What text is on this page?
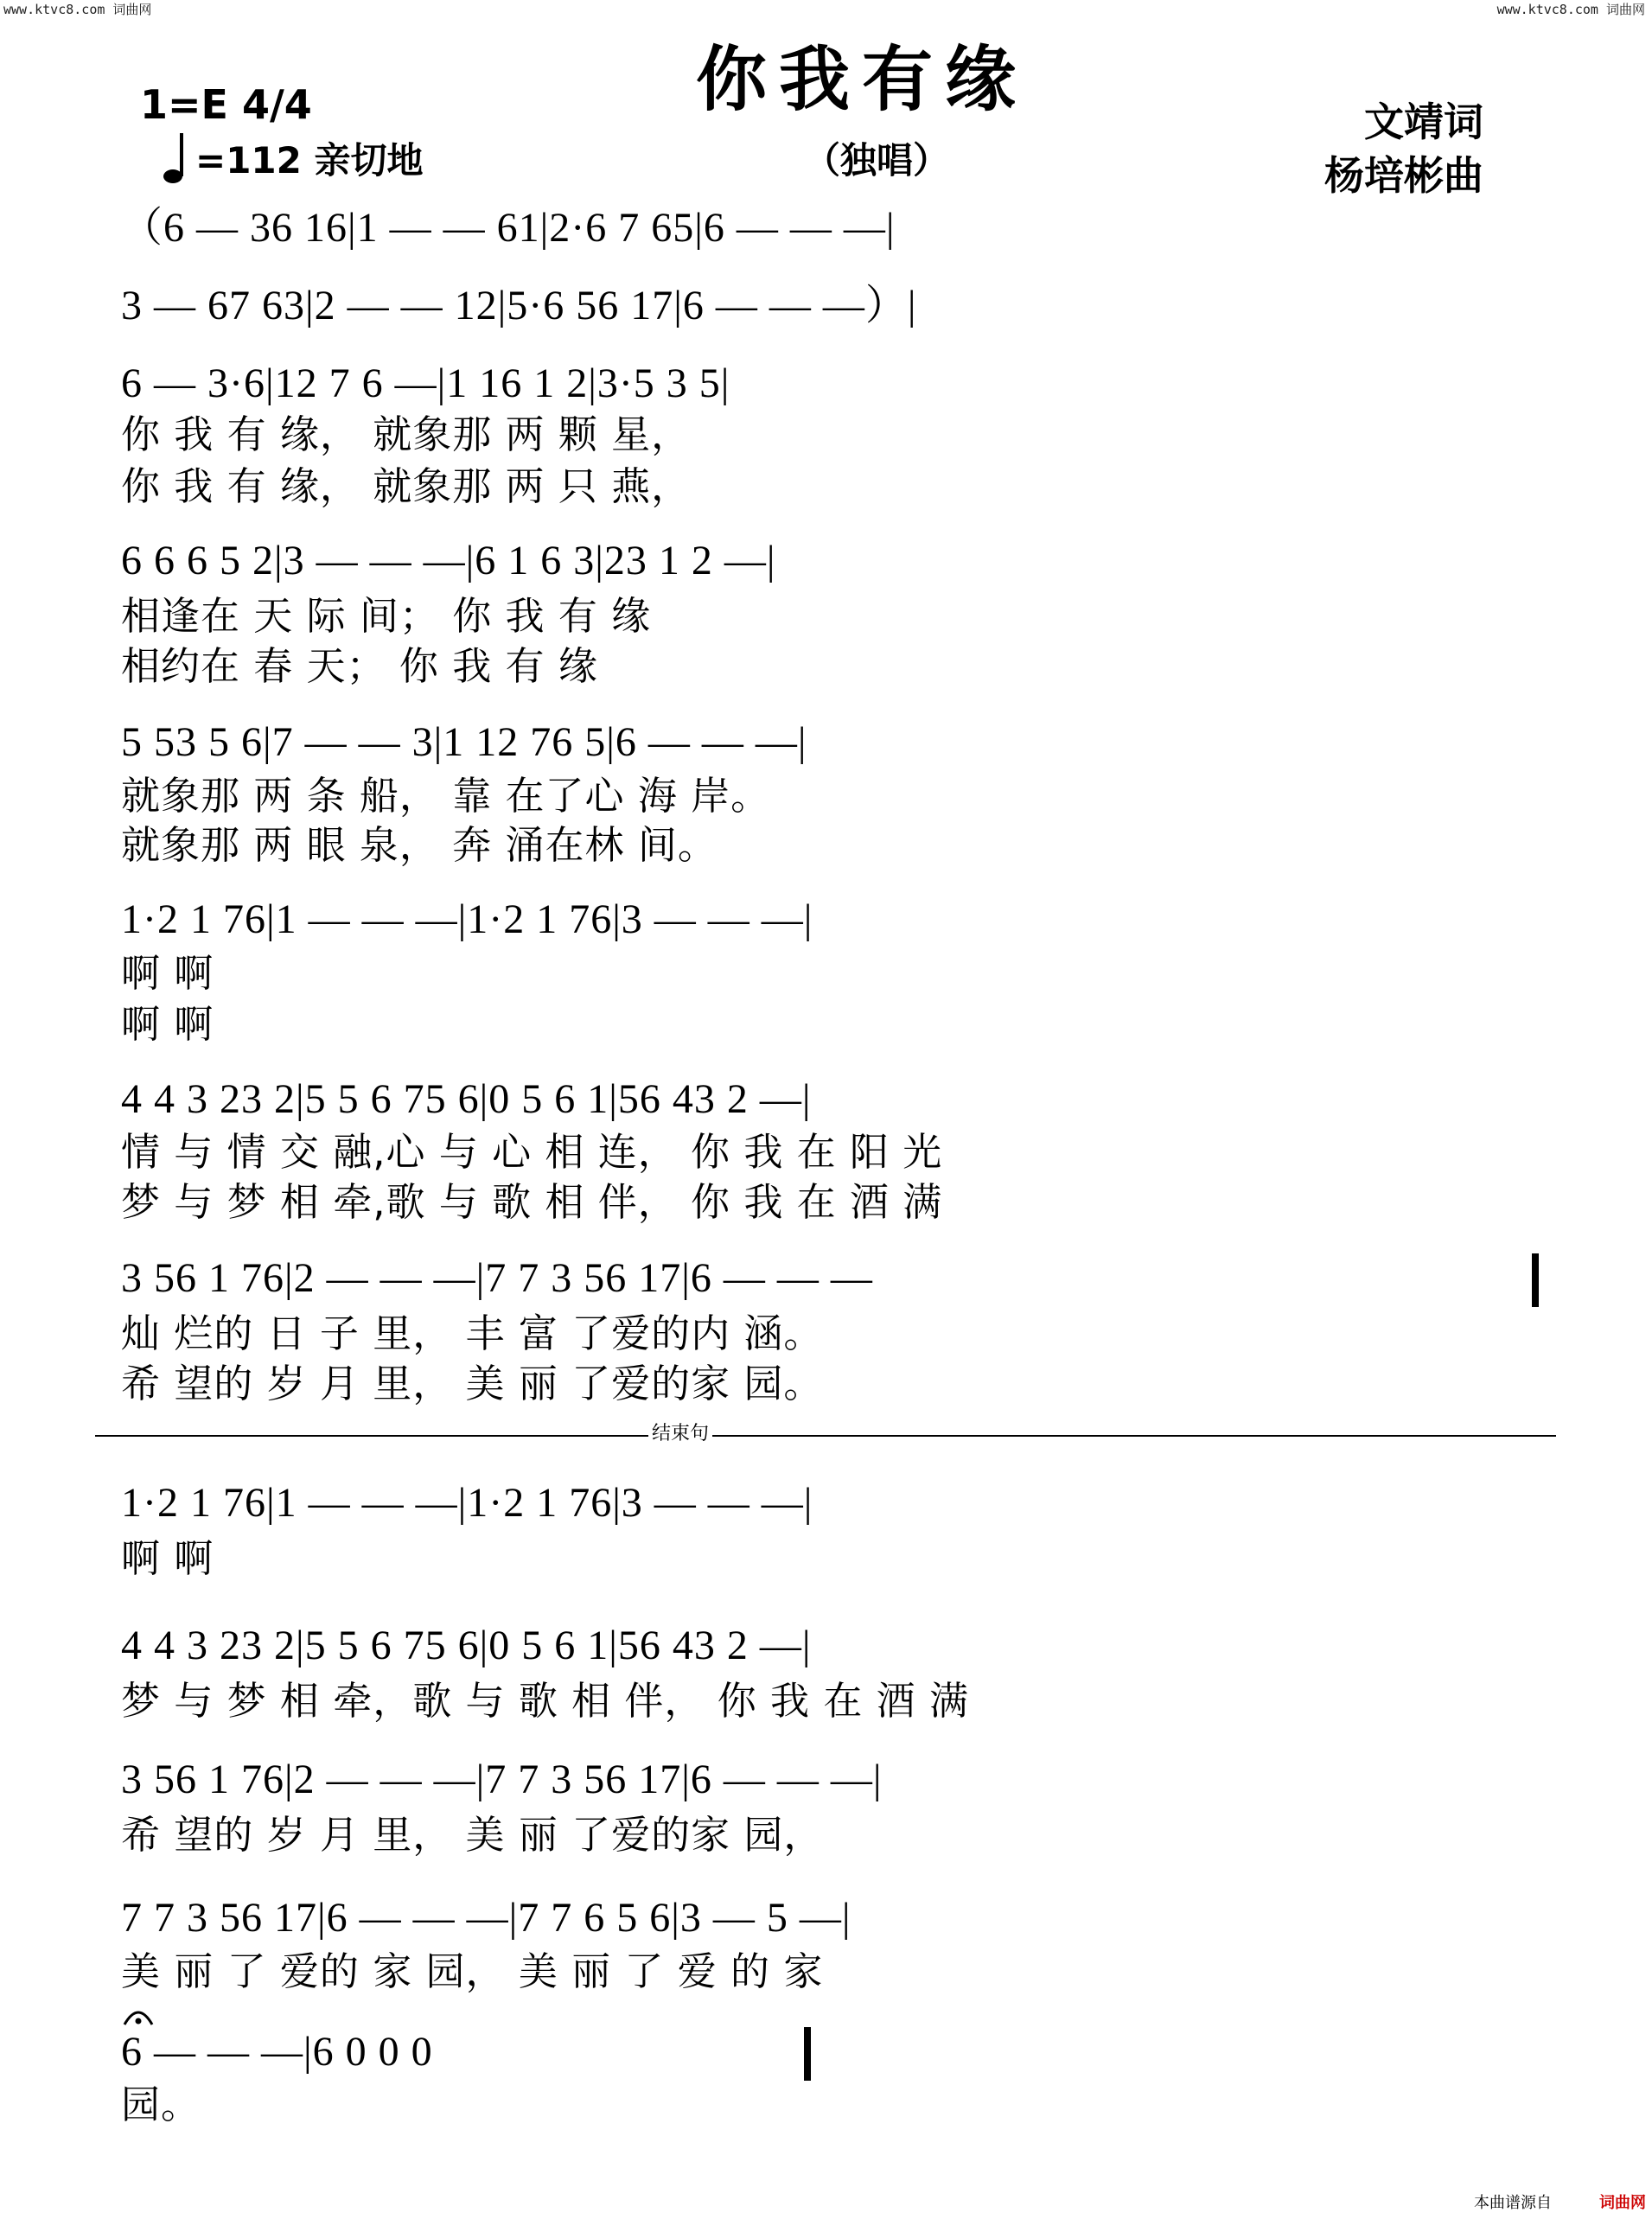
www.ktvc8.com 词曲网	www.ktvc8.com 词曲网
你我有缘
1=E 4/4
=112 亲切地	（独唱）
文靖词
杨培彬曲
（6 — 36 16|1 — — 61|2·6 7 65|6 — — —|
3 — 67 63|2 — — 12|5·6 56 17|6 — — —）|
6 — 3·6|12 7 6 —|1 16 1 2|3·5 3 5|
你 我 有 缘， 就象那 两 颗 星，
你 我 有 缘， 就象那 两 只 燕，
6 6 6 5 2|3 — — —|6 1 6 3|23 1 2 —|
相逢在 天 际 间； 你 我 有 缘
相约在 春 天； 你 我 有 缘
5 53 5 6|7 — — 3|1 12 76 5|6 — — —|
就象那 两 条 船， 靠 在了心 海 岸。
就象那 两 眼 泉， 奔 涌在林 间。
1·2 1 76|1 — — —|1·2 1 76|3 — — —|
啊 啊
啊 啊
4 4 3 23 2|5 5 6 75 6|0 5 6 1|56 43 2 —|
情 与 情 交 融,心 与 心 相 连， 你 我 在 阳 光
梦 与 梦 相 牵,歌 与 歌 相 伴， 你 我 在 酒 满
3 56 1 76|2 — — —|7 7 3 56 17|6 — — —
灿 烂的 日 子 里， 丰 富 了爱的内 涵。
希 望的 岁 月 里， 美 丽 了爱的家 园。
结束句
1·2 1 76|1 — — —|1·2 1 76|3 — — —|
啊 啊
4 4 3 23 2|5 5 6 75 6|0 5 6 1|56 43 2 —|
梦 与 梦 相 牵，歌 与 歌 相 伴， 你 我 在 酒 满
3 56 1 76|2 — — —|7 7 3 56 17|6 — — —|
希 望的 岁 月 里， 美 丽 了爱的家 园，
7 7 3 56 17|6 — — —|7 7 6 5 6|3 — 5 —|
美 丽 了 爱的 家 园， 美 丽 了 爱 的 家
6 — — —|6 0 0 0
园。
本曲谱源自	词曲网
